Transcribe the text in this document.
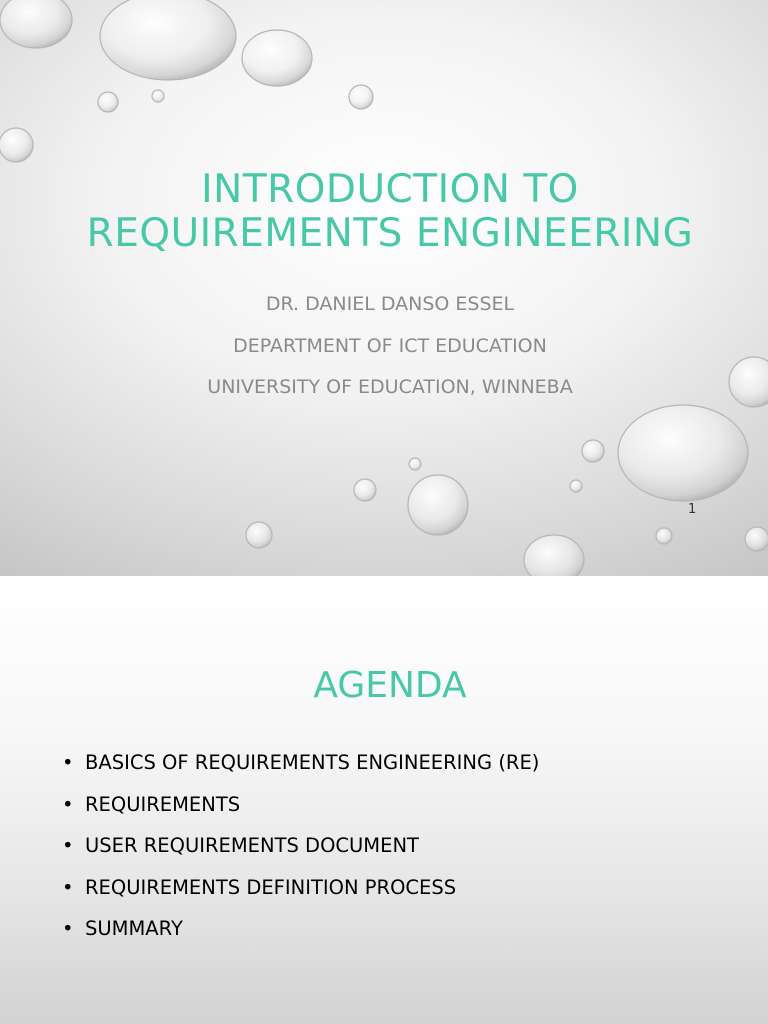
INTRODUCTION TO
REQUIREMENTS ENGINEERING
DR. DANIEL DANSO ESSEL
DEPARTMENT OF ICT EDUCATION
UNIVERSITY OF EDUCATION, WINNEBA
1
AGENDA
• BASICS OF REQUIREMENTS ENGINEERING (RE)
• REQUIREMENTS
• USER REQUIREMENTS DOCUMENT
• REQUIREMENTS DEFINITION PROCESS
• SUMMARY
